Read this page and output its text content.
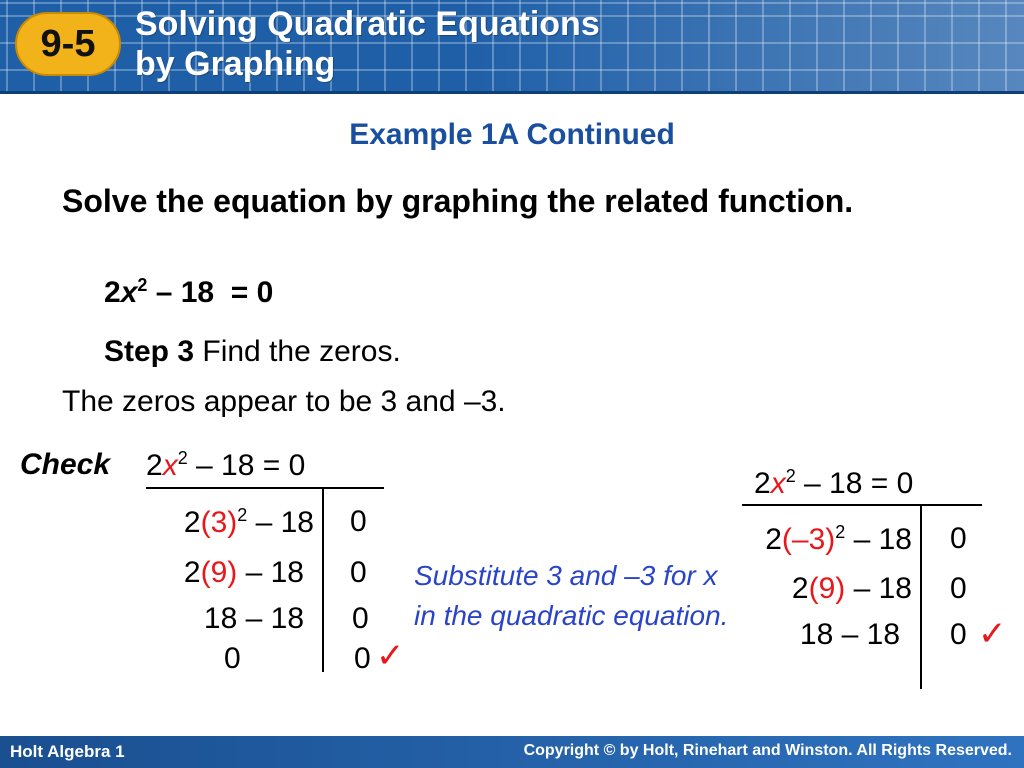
9-5	Solving Quadratic Equations
by Graphing
Example 1A Continued
Solve the equation by graphing the related function.
$2x^2 - 18 = 0$
Step 3 Find the zeros.
The zeros appear to be 3 and –3.
Check $2x^2 - 18 = 0$
$2(3)^2 - 18$ 0
2(9) – 18 0
18 – 18 0
0	0 ✓
Substitute 3 and –3 for x in the quadratic equation.
$2x^2 - 18 = 0$
$2(-3)^2 - 18$ 0
2(9) – 18 0
18 – 18 0 ✓
Holt Algebra 1	Copyright © by Holt, Rinehart and Winston. All Rights Reserved.
